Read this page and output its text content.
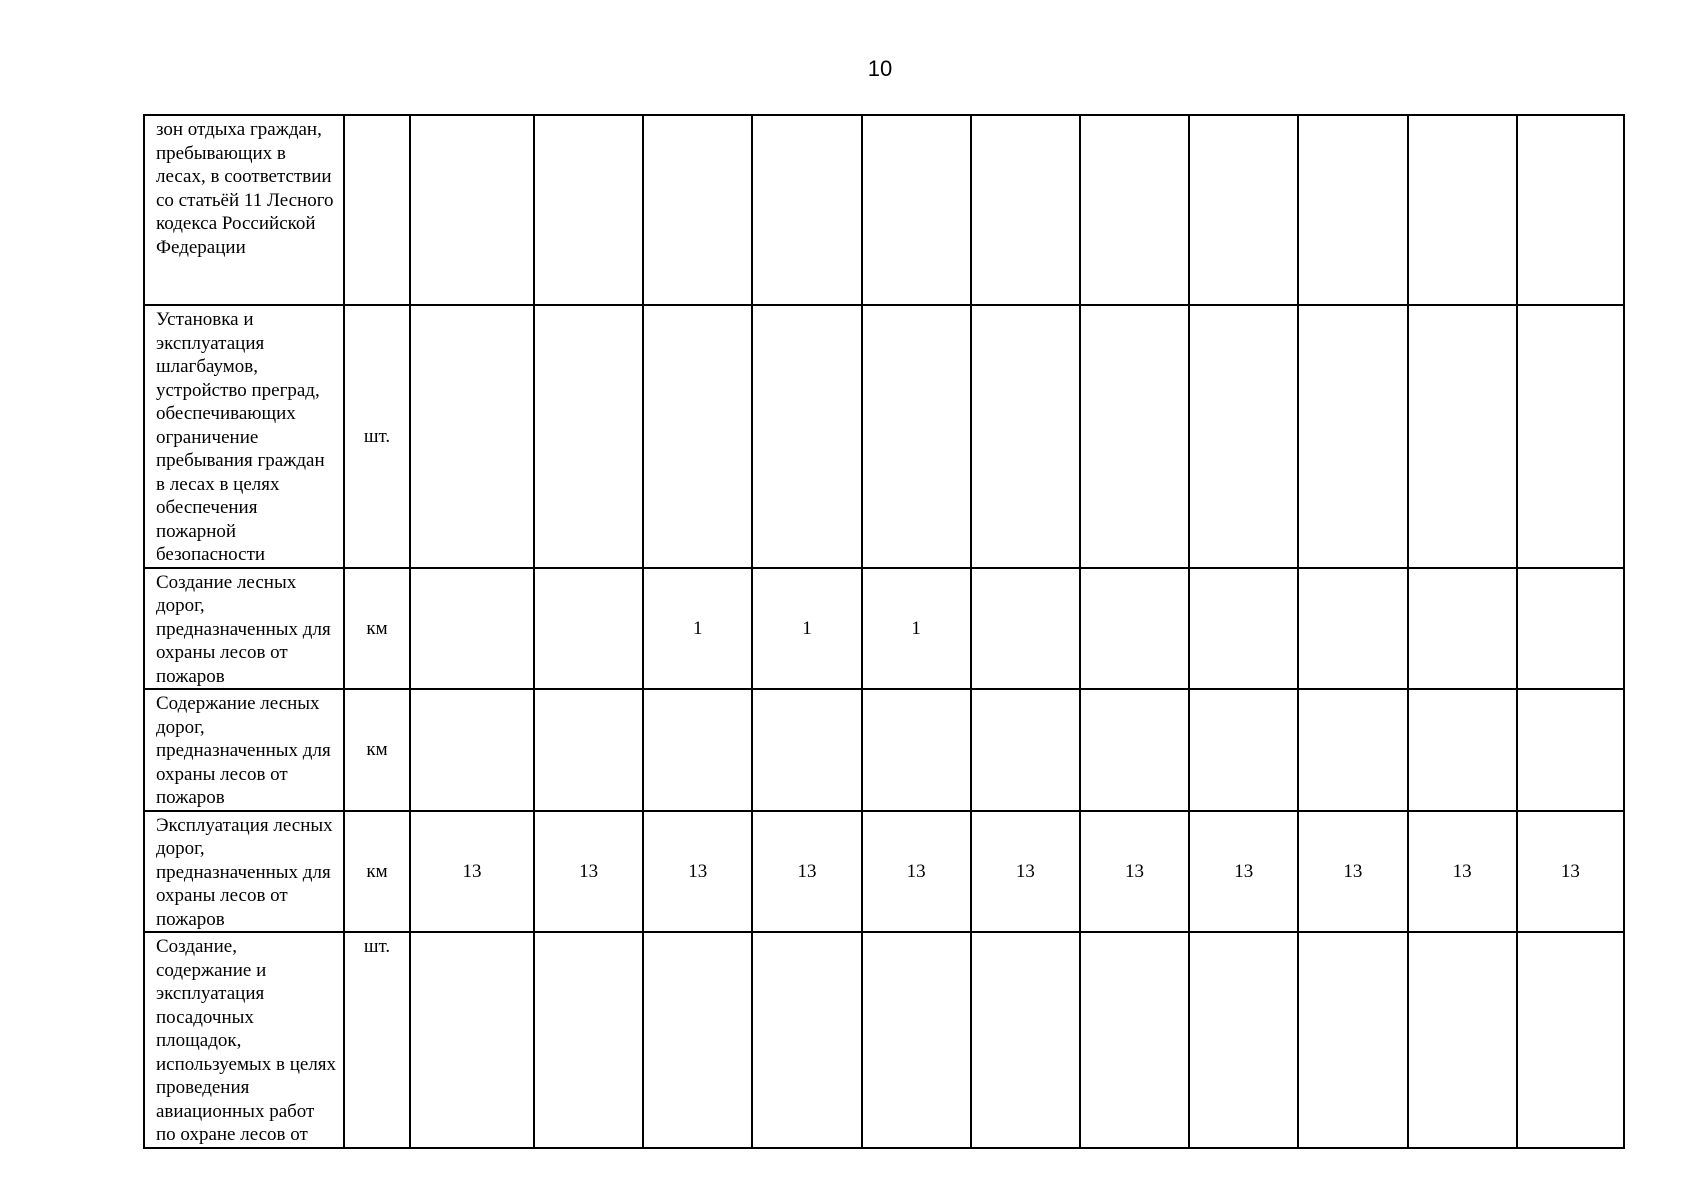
10
зон отдыха граждан, пребывающих в лесах, в соответствии со статьёй 11 Лесного кодекса Российской Федерации												
Установка и эксплуатация шлагбаумов, устройство преград, обеспечивающих ограничение пребывания граждан в лесах в целях обеспечения пожарной безопасности	шт.											
Создание лесных дорог, предназначенных для охраны лесов от пожаров	км			1	1	1						
Содержание лесных дорог, предназначенных для охраны лесов от пожаров	км											
Эксплуатация лесных дорог, предназначенных для охраны лесов от пожаров	км	13	13	13	13	13	13	13	13	13	13	13
Создание, содержание и эксплуатация посадочных площадок, используемых в целях проведения авиационных работ по охране лесов от	шт.											
